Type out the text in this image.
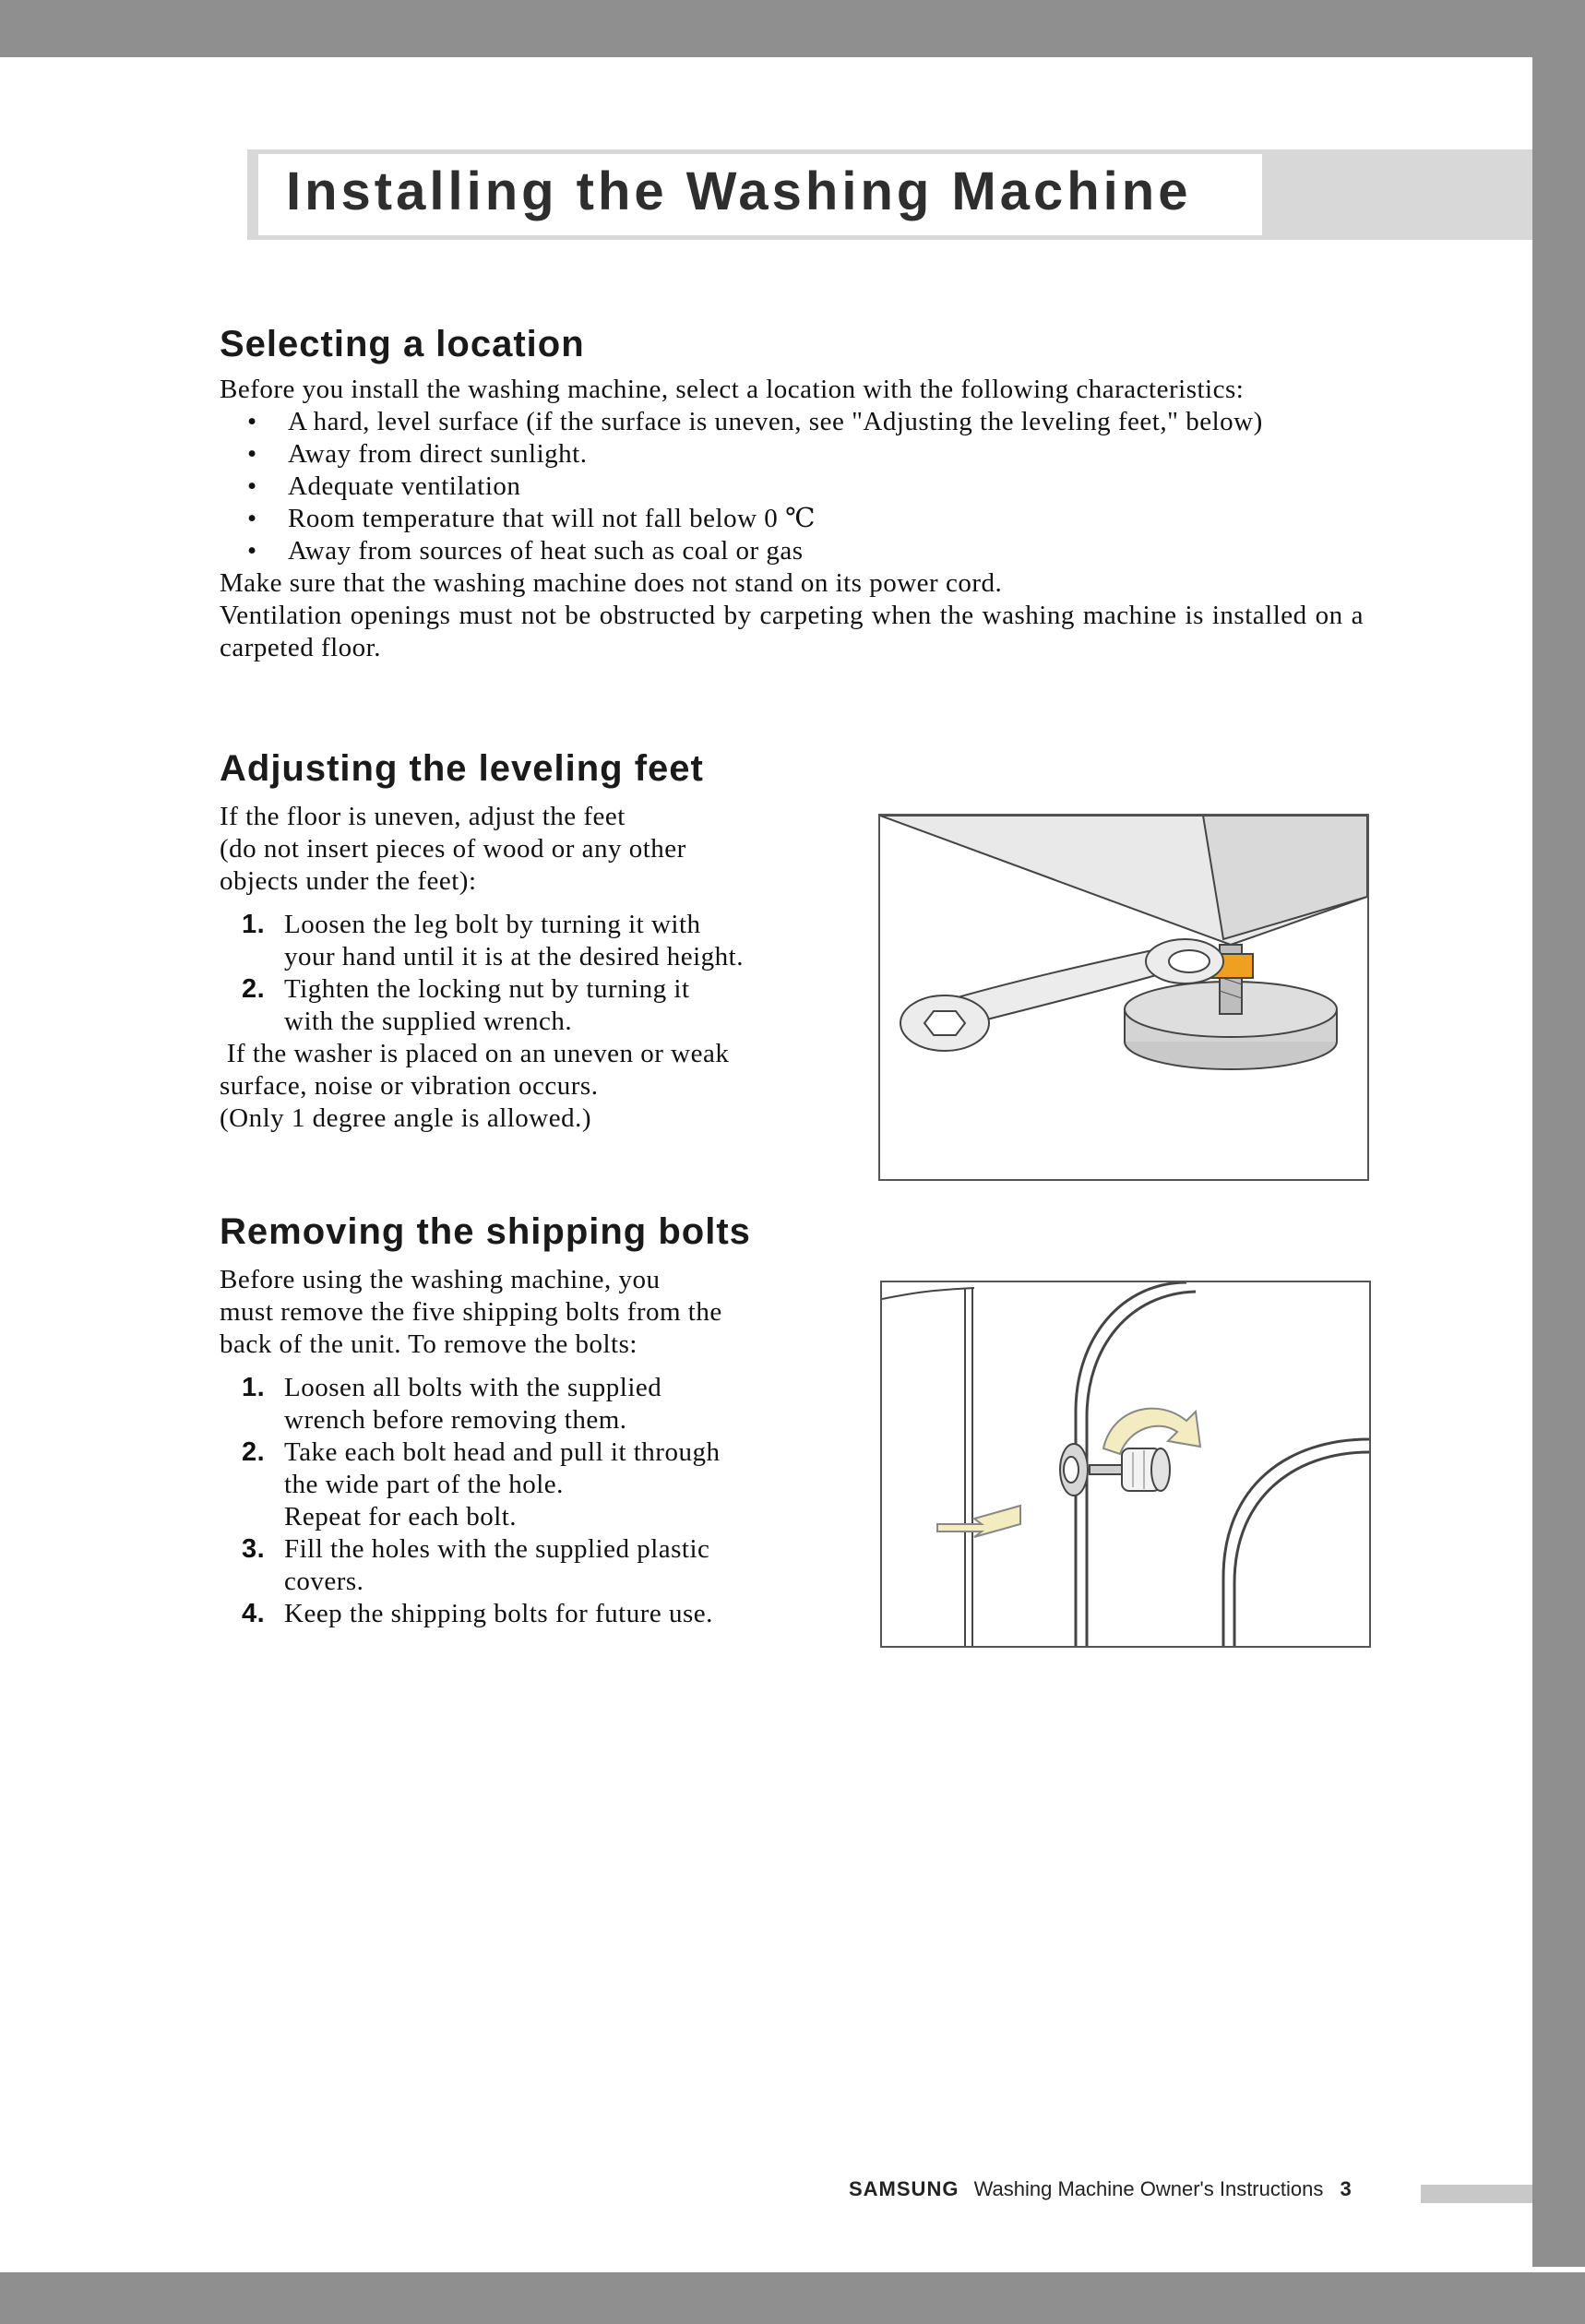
Installing the Washing Machine
Selecting a location
Before you install the washing machine, select a location with the following characteristics:
• A hard, level surface (if the surface is uneven, see "Adjusting the leveling feet," below)
• Away from direct sunlight.
• Adequate ventilation
• Room temperature that will not fall below 0 ℃
• Away from sources of heat such as coal or gas
Make sure that the washing machine does not stand on its power cord.
Ventilation openings must not be obstructed by carpeting when the washing machine is installed on a carpeted floor.
Adjusting the leveling feet
If the floor is uneven, adjust the feet
(do not insert pieces of wood or any other
objects under the feet):
1. Loosen the leg bolt by turning it with
your hand until it is at the desired height.
2. Tighten the locking nut by turning it
with the supplied wrench.
If the washer is placed on an uneven or weak
surface, noise or vibration occurs.
(Only 1 degree angle is allowed.)
Removing the shipping bolts
Before using the washing machine, you
must remove the five shipping bolts from the
back of the unit. To remove the bolts:
1. Loosen all bolts with the supplied
wrench before removing them.
2. Take each bolt head and pull it through
the wide part of the hole.
Repeat for each bolt.
3. Fill the holes with the supplied plastic
covers.
4. Keep the shipping bolts for future use.
SAMSUNG Washing Machine Owner's Instructions 3
